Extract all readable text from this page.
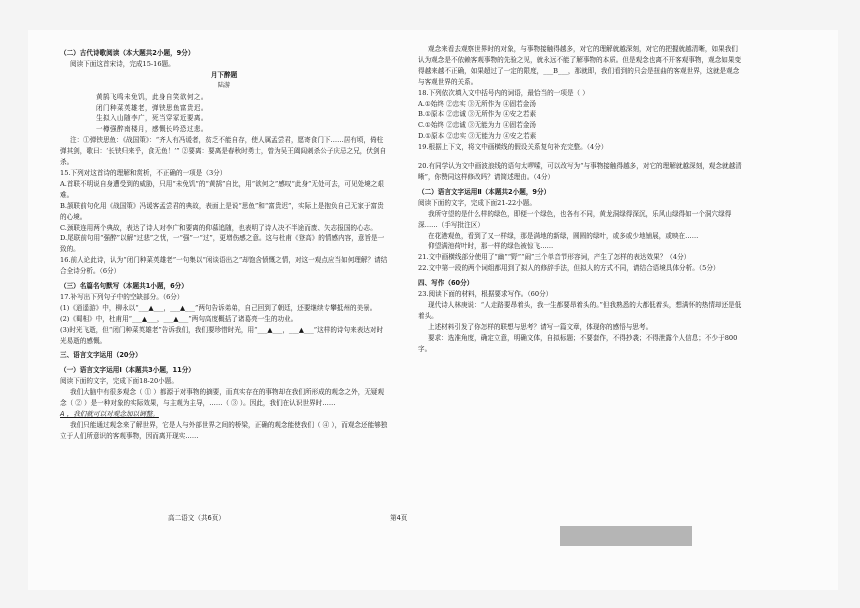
（二）古代诗歌阅读（本大题共2小题，9分）

阅读下面这首宋诗，完成15-16题。

月下醉题

陆游

黄鹄飞鸣未免饥，此身自笑欲何之。

闭门种菜英雄老，弹铗思鱼富贵迟。

生拟入山随李广，死当穿冢近要离。

一樽强醉南楼月，感慨长吟恐过悲。

注：①弹铗思鱼：《战国策》：“齐人有冯谖者，贫乏不能自存，使人属孟尝君，愿寄食门下……居有顷，倚柱弹其剑，歌曰：‘长铗归来乎，食无鱼！’” ②要离：要离是春秋时勇士，曾为吴王阖闾刺杀公子庆忌之兄，伏剑自杀。

15.下列对这首诗的理解和赏析，不正确的一项是（3分）

A.首联不明说自身遭受到的威胁，只用“未免饥”的“黄鹄”自比，用“欲何之”感叹“此身”无处可去，可见处境之艰难。

B.颔联前句化用《战国策》冯谖客孟尝君的典故，表面上是说“思鱼”和“富贵迟”，实际上是抱负自己无家于富贵的心境。

C.颈联连用两个典故，表达了诗人对李广和要离的仰慕追随，也表明了诗人决不半途而废、矢志报国的心志。

D.尾联前句用“强醉”以解“过悲”之忧，一“强”一“过”，更增伤感之意。这与杜甫《登高》的情感内容，意旨是一致的。

16.前人论此诗，认为“闭门种菜英雄老”一句集以“闲谈语出之”却饱含愤慨之情，对这一观点应当如何理解？请结合全诗分析。（6分）

（三）名篇名句默写（本题共1小题，6分）

17.补写出下列句子中的空缺部分。（6分）

(1)《逍遥游》中，柳永以“___▲___，___▲___”两句告诉弟弟，自己回到了朝廷，还要继续专攀抵州的美景。

(2)《蜀相》中，杜甫用“___▲___，___▲___”两句高度概括了诸葛亮一生的功业。

(3)时光飞逝，但“闭门种菜英雄老”告诉我们，我们要珍惜时光，用“___▲___，___▲___”这样的诗句来表达对时光易逝的感慨。

三、语言文字运用（20分）

（一）语言文字运用Ⅰ（本题共3小题，11分）

阅读下面的文字，完成下面18-20小题。

我们大脑中有很多观念（ ① ）都源于对事物的摘要，而真实存在的事物却在我们所形成的观念之外，无疑观念（ ② ）是一种对象的实际效果，与主观为主导，……（ ③ ）。因此，我们在认识世界时……

A ，我们就可以对观念加以调整。

我们只能通过观念来了解世界，它是人与外部世界之间的桥梁，正确的观念能使我们（ ④ ），而观念还能够独立于人们所意识的客观事物，因而离开现实……

观念来看去观察世界时的对象，与事物接触得越多，对它的理解就越深刻，对它的把握就越清晰，如果我们认为观念是不依赖客观事物的先验之见，就永远不能了解事物的本质。但是观念也离不开客观事物，观念如果变得越来越不正确，如果超过了一定的限度，___B___，那就即，我们看到的只会是扭曲的客观世界，这就是观念与客观世界的关系。

18.下列依次填入文中括号内的词语，最恰当的一项是（ ）

A.①始终 ②忠实 ③无所作为 ④固若金汤

B.①原本 ②忠诚 ③无所作为 ④安之若素

C.①始终 ②忠诚 ③无能为力 ④固若金汤

D.①原本 ②忠实 ③无能为力 ④安之若素

19.根据上下文，将文中画横线的假设关系复句补充完整。（4分）

20.有同学认为文中画波浪线的语句太啰嗦，可以改写为“与事物接触得越多，对它的理解就越深刻，观念就越清晰”，你赞同这样修改吗？请简述理由。（4分）

（二）语言文字运用Ⅱ（本题共2小题，9分）

阅读下面的文字，完成下面21-22小题。

我所守望的是什么样的绿色，即便一个绿色，也各有不同，黄龙洞绿得深沉，乐风山绿得如一个洞穴绿得深……（手写批注区）

在花港观鱼，看到了又一样绿，那是满地的新绿，圆圆的绿叶，或多或少地铺展，或映在……

仰望满池荷叶时，那一样的绿色被惊飞……

21.文中画横线部分使用了“幽”“野”“闹”三个单音节形容词，产生了怎样的表达效果？（4分）

22.文中第一段的两个词组都用到了拟人的修辞手法，但拟人的方式不同，请结合语境具体分析。（5分）

四、写作（60分）

23.阅读下面的材料，根据要求写作。（60分）

现代诗人林庚说：“人走路要昂着头，我一生都要昂着头的。”但我熟悉的大都低着头，想满怀的热情却还是低着头。

上述材料引发了你怎样的联想与思考？请写一篇文章，体现你的感悟与思考。

要求：选准角度，确定立意，明确文体，自拟标题；不要套作，不得抄袭；不得泄露个人信息；不少于800字。

高二语文（共6页）	第4页
